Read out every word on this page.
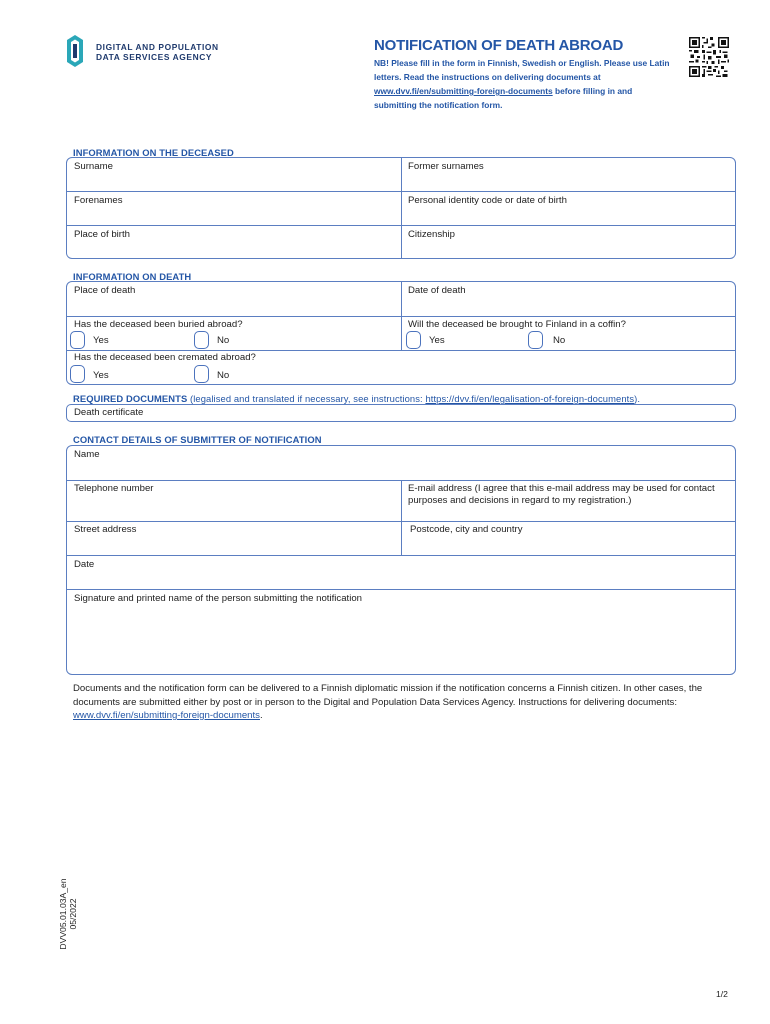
DIGITAL AND POPULATION
DATA SERVICES AGENCY
NOTIFICATION OF DEATH ABROAD
NB! Please fill in the form in Finnish, Swedish or English. Please use Latin letters. Read the instructions on delivering documents at www.dvv.fi/en/submitting-foreign-documents before filling in and submitting the notification form.
INFORMATION ON THE DECEASED
Surname	Former surnames
Forenames	Personal identity code or date of birth
Place of birth	Citizenship
INFORMATION ON DEATH
Place of death	Date of death
Has the deceased been buried abroad?
Yes	No
Will the deceased be brought to Finland in a coffin?
Yes	No
Has the deceased been cremated abroad?
Yes	No
REQUIRED DOCUMENTS (legalised and translated if necessary, see instructions: https://dvv.fi/en/legalisation-of-foreign-documents).
Death certificate
CONTACT DETAILS OF SUBMITTER OF NOTIFICATION
Name
Telephone number	E-mail address (I agree that this e-mail address may be used for contact purposes and decisions in regard to my registration.)
Street address	Postcode, city and country
Date
Signature and printed name of the person submitting the notification
Documents and the notification form can be delivered to a Finnish diplomatic mission if the notification concerns a Finnish citizen. In other cases, the documents are submitted either by post or in person to the Digital and Population Data Services Agency. Instructions for delivering documents: www.dvv.fi/en/submitting-foreign-documents.
DVV05.01.03A_en 05/2022
1/2
